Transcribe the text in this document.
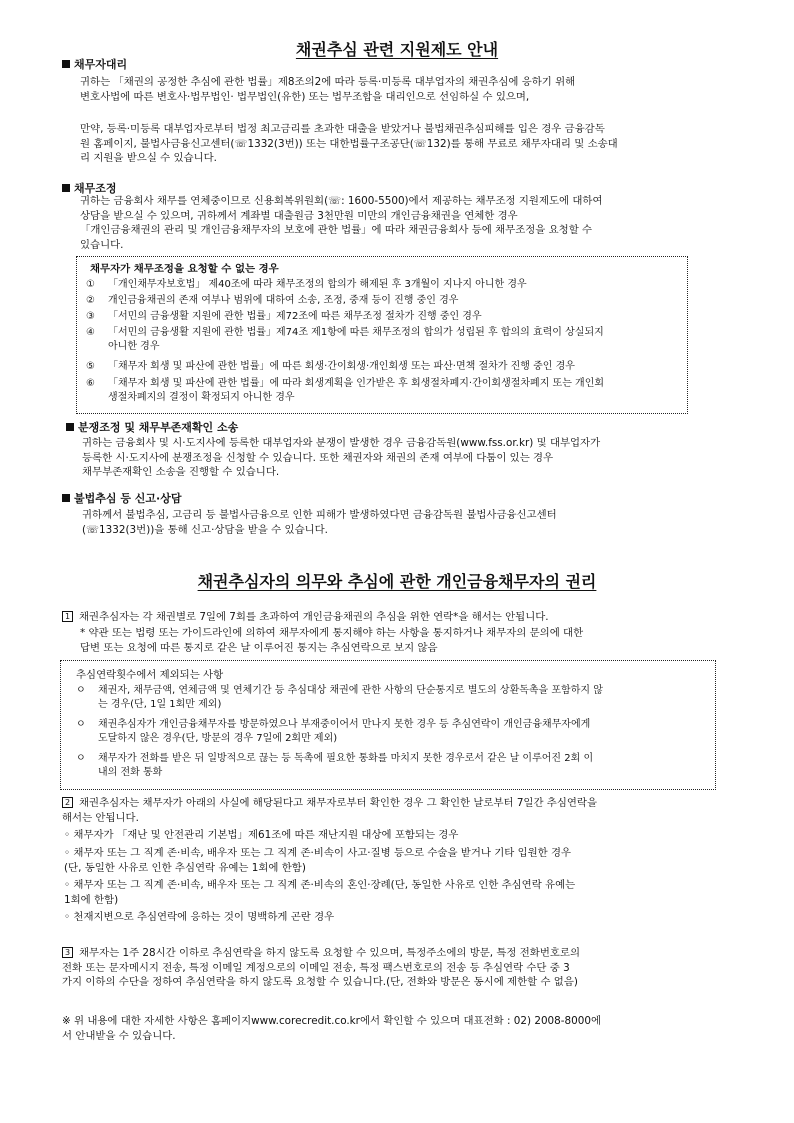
채권추심 관련 지원제도 안내
채무자대리
귀하는 「채권의 공정한 추심에 관한 법률」제8조의2에 따라 등록·미등록 대부업자의 채권추심에 응하기 위해
변호사법에 따른 변호사·법무법인· 법무법인(유한) 또는 법무조합을 대리인으로 선임하실 수 있으며,
만약, 등록·미등록 대부업자로부터 법정 최고금리를 초과한 대출을 받았거나 불법채권추심피해를 입은 경우 금융감독
원 홈페이지, 불법사금융신고센터(☏1332(3번)) 또는 대한법률구조공단(☏132)를 통해 무료로 채무자대리 및 소송대
리 지원을 받으실 수 있습니다.
채무조정
귀하는 금융회사 채무를 연체중이므로 신용회복위원회(☏: 1600-5500)에서 제공하는 채무조정 지원제도에 대하여
상담을 받으실 수 있으며, 귀하께서 계좌별 대출원금 3천만원 미만의 개인금융채권을 연체한 경우
「개인금융채권의 관리 및 개인금융채무자의 보호에 관한 법률」에 따라 채권금융회사 등에 채무조정을 요청할 수
있습니다.
채무자가 채무조정을 요청할 수 없는 경우
①	「개인채무자보호법」 제40조에 따라 채무조정의 합의가 해제된 후 3개월이 지나지 아니한 경우
②	개인금융채권의 존재 여부나 범위에 대하여 소송, 조정, 중재 등이 진행 중인 경우
③	「서민의 금융생활 지원에 관한 법률」제72조에 따른 채무조정 절차가 진행 중인 경우
④	「서민의 금융생활 지원에 관한 법률」제74조 제1항에 따른 채무조정의 합의가 성립된 후 합의의 효력이 상실되지
아니한 경우
⑤	「채무자 회생 및 파산에 관한 법률」에 따른 회생·간이회생·개인회생 또는 파산·면책 절차가 진행 중인 경우
⑥	「채무자 회생 및 파산에 관한 법률」에 따라 회생계획을 인가받은 후 회생절차폐지·간이회생절차폐지 또는 개인회
생절차폐지의 결정이 확정되지 아니한 경우
분쟁조정 및 채무부존재확인 소송
귀하는 금융회사 및 시·도지사에 등록한 대부업자와 분쟁이 발생한 경우 금융감독원(www.fss.or.kr) 및 대부업자가
등록한 시·도지사에 분쟁조정을 신청할 수 있습니다. 또한 채권자와 채권의 존재 여부에 다툼이 있는 경우
채무부존재확인 소송을 진행할 수 있습니다.
불법추심 등 신고·상담
귀하께서 불법추심, 고금리 등 불법사금융으로 인한 피해가 발생하였다면 금융감독원 불법사금융신고센터
(☏1332(3번))을 통해 신고·상담을 받을 수 있습니다.
채권추심자의 의무와 추심에 관한 개인금융채무자의 권리
1 채권추심자는 각 채권별로 7일에 7회를 초과하여 개인금융채권의 추심을 위한 연락*을 해서는 안됩니다.
* 약관 또는 법령 또는 가이드라인에 의하여 채무자에게 통지해야 하는 사항을 통지하거나 채무자의 문의에 대한
답변 또는 요청에 따른 통지로 같은 날 이루어진 통지는 추심연락으로 보지 않음
추심연락횟수에서 제외되는 사항
ㅇ	채권자, 채무금액, 연체금액 및 연체기간 등 추심대상 채권에 관한 사항의 단순통지로 별도의 상환독촉을 포함하지 않
는 경우(단, 1일 1회만 제외)
ㅇ	채권추심자가 개인금융채무자를 방문하였으나 부재중이어서 만나지 못한 경우 등 추심연락이 개인금융채무자에게
도달하지 않은 경우(단, 방문의 경우 7일에 2회만 제외)
ㅇ	채무자가 전화를 받은 뒤 일방적으로 끊는 등 독촉에 필요한 통화를 마치지 못한 경우로서 같은 날 이루어진 2회 이
내의 전화 통화
2 채권추심자는 채무자가 아래의 사실에 해당된다고 채무자로부터 확인한 경우 그 확인한 날로부터 7일간 추심연락을
해서는 안됩니다.
◦ 채무자가 「재난 및 안전관리 기본법」제61조에 따른 재난지원 대상에 포함되는 경우
◦ 채무자 또는 그 직계 존·비속, 배우자 또는 그 직계 존·비속이 사고·질병 등으로 수술을 받거나 기타 입원한 경우
(단, 동일한 사유로 인한 추심연락 유예는 1회에 한함)
◦ 채무자 또는 그 직계 존·비속, 배우자 또는 그 직계 존·비속의 혼인·장례(단, 동일한 사유로 인한 추심연락 유예는
1회에 한함)
◦ 천재지변으로 추심연락에 응하는 것이 명백하게 곤란 경우
3 채무자는 1주 28시간 이하로 추심연락을 하지 않도록 요청할 수 있으며, 특정주소에의 방문, 특정 전화번호로의
전화 또는 문자메시지 전송, 특정 이메일 계정으로의 이메일 전송, 특정 팩스번호로의 전송 등 추심연락 수단 중 3
가지 이하의 수단을 정하여 추심연락을 하지 않도록 요청할 수 있습니다.(단, 전화와 방문은 동시에 제한할 수 없음)
※ 위 내용에 대한 자세한 사항은 홈페이지www.corecredit.co.kr에서 확인할 수 있으며 대표전화 : 02) 2008-8000에
서 안내받을 수 있습니다.
